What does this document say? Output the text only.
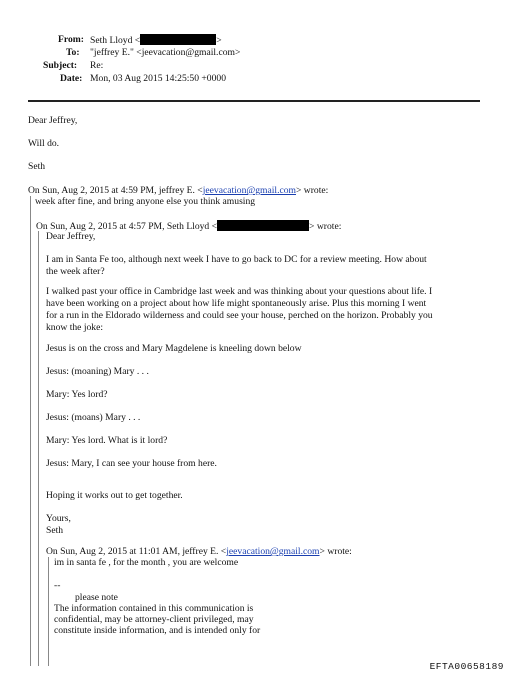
From: Seth Lloyd <	>
To: "jeffrey E." <jeevacation@gmail.com>
Subject: Re:
Date: Mon, 03 Aug 2015 14:25:50 +0000
Dear Jeffrey,
Will do.
Seth
On Sun, Aug 2, 2015 at 4:59 PM, jeffrey E. <jeevacation@gmail.com> wrote:
week after fine, and bring anyone else you think amusing
On Sun, Aug 2, 2015 at 4:57 PM, Seth Lloyd <	> wrote:
Dear Jeffrey,
I am in Santa Fe too, although next week I have to go back to DC for a review meeting. How about the week after?
I walked past your office in Cambridge last week and was thinking about your questions about life. I have been working on a project about how life might spontaneously arise. Plus this morning I went for a run in the Eldorado wilderness and could see your house, perched on the horizon. Probably you know the joke:
Jesus is on the cross and Mary Magdelene is kneeling down below
Jesus: (moaning) Mary . . .
Mary: Yes lord?
Jesus: (moans) Mary . . .
Mary: Yes lord. What is it lord?
Jesus: Mary, I can see your house from here.
Hoping it works out to get together.
Yours,
Seth
On Sun, Aug 2, 2015 at 11:01 AM, jeffrey E. <jeevacation@gmail.com> wrote:
im in santa fe , for the month , you are welcome
--
please note
The information contained in this communication is
confidential, may be attorney-client privileged, may
constitute inside information, and is intended only for
EFTA00658189
